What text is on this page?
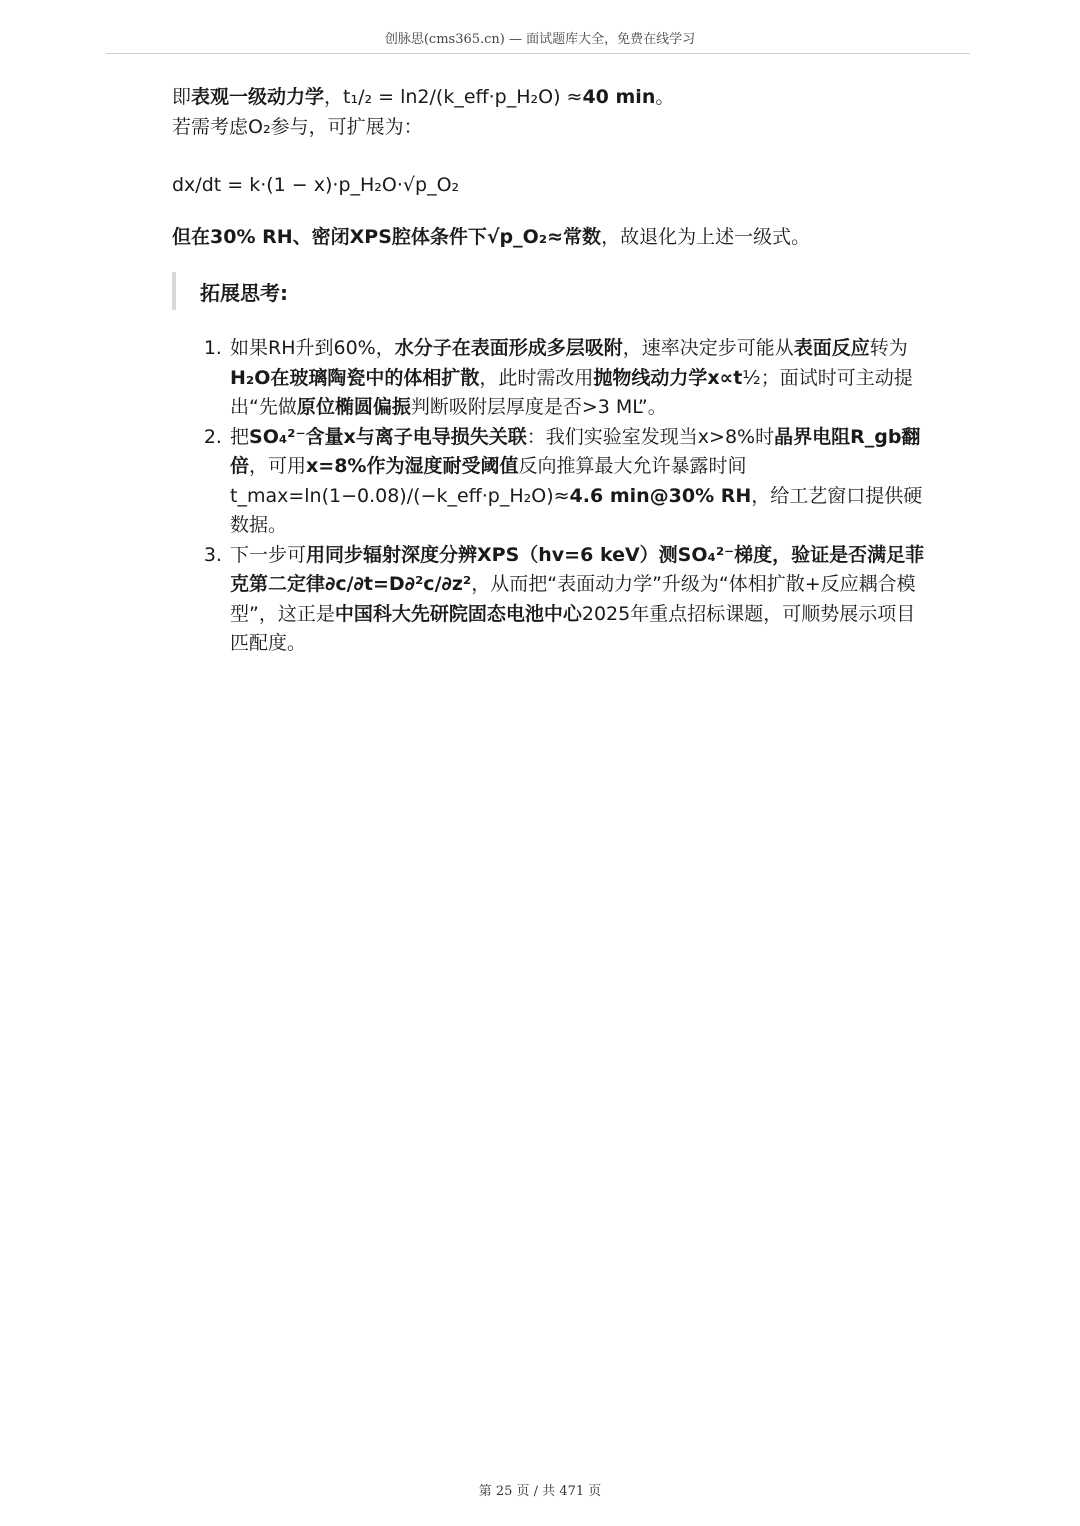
创脉思(cms365.cn) — 面试题库大全，免费在线学习

即表观一级动力学，t₁/₂ = ln2/(k_eff·p_H₂O) ≈40 min。

若需考虑O₂参与，可扩展为：

dx/dt = k·(1 − x)·p_H₂O·√p_O₂

但在30% RH、密闭XPS腔体条件下√p_O₂≈常数，故退化为上述一级式。

拓展思考:
1. 如果RH升到60%，水分子在表面形成多层吸附，速率决定步可能从表面反应转为H₂O在玻璃陶瓷中的体相扩散，此时需改用抛物线动力学x∝t½；面试时可主动提出“先做原位椭圆偏振判断吸附层厚度是否>3 ML”。
2. 把SO₄²⁻含量x与离子电导损失关联：我们实验室发现当x>8%时晶界电阻R_gb翻倍，可用x=8%作为湿度耐受阈值反向推算最大允许暴露时间t_max=ln(1−0.08)/(−k_eff·p_H₂O)≈4.6 min@30% RH，给工艺窗口提供硬数据。
3. 下一步可用同步辐射深度分辨XPS（hv=6 keV）测SO₄²⁻梯度，验证是否满足菲克第二定律∂c/∂t=D∂²c/∂z²，从而把“表面动力学”升级为“体相扩散+反应耦合模型”，这正是中国科大先研院固态电池中心2025年重点招标课题，可顺势展示项目匹配度。
第 25 页 / 共 471 页
